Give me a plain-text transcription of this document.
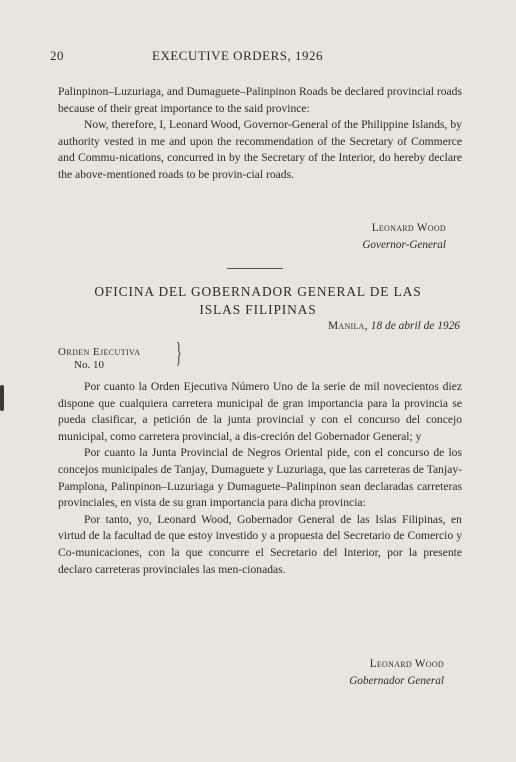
20	EXECUTIVE ORDERS, 1926

Palinpinon–Luzuriaga, and Dumaguete–Palinpinon Roads be declared provincial roads because of their great importance to the said province:

Now, therefore, I, Leonard Wood, Governor-General of the Philippine Islands, by authority vested in me and upon the recommendation of the Secretary of Commerce and Commu-nications, concurred in by the Secretary of the Interior, do hereby declare the above-mentioned roads to be provin-cial roads.

Leonard Wood
Governor-General
OFICINA DEL GOBERNADOR GENERAL DE LAS
ISLAS FILIPINAS
Manila, 18 de abril de 1926
Orden Ejecutiva
No. 10	}

Por cuanto la Orden Ejecutiva Número Uno de la serie de mil novecientos diez dispone que cualquiera carretera municipal de gran importancia para la provincia se pueda clasificar, a petición de la junta provincial y con el concurso del concejo municipal, como carretera provincial, a dis-creción del Gobernador General; y

Por cuanto la Junta Provincial de Negros Oriental pide, con el concurso de los concejos municipales de Tanjay, Dumaguete y Luzuriaga, que las carreteras de Tanjay-Pamplona, Palinpinon–Luzuriaga y Dumaguete–Palinpinon sean declaradas carreteras provinciales, en vista de su gran importancia para dicha provincia:

Por tanto, yo, Leonard Wood, Gobernador General de las Islas Filipinas, en virtud de la facultad de que estoy investido y a propuesta del Secretario de Comercio y Co-municaciones, con la que concurre el Secretario del Interior, por la presente declaro carreteras provinciales las men-cionadas.

Leonard Wood
Gobernador General
